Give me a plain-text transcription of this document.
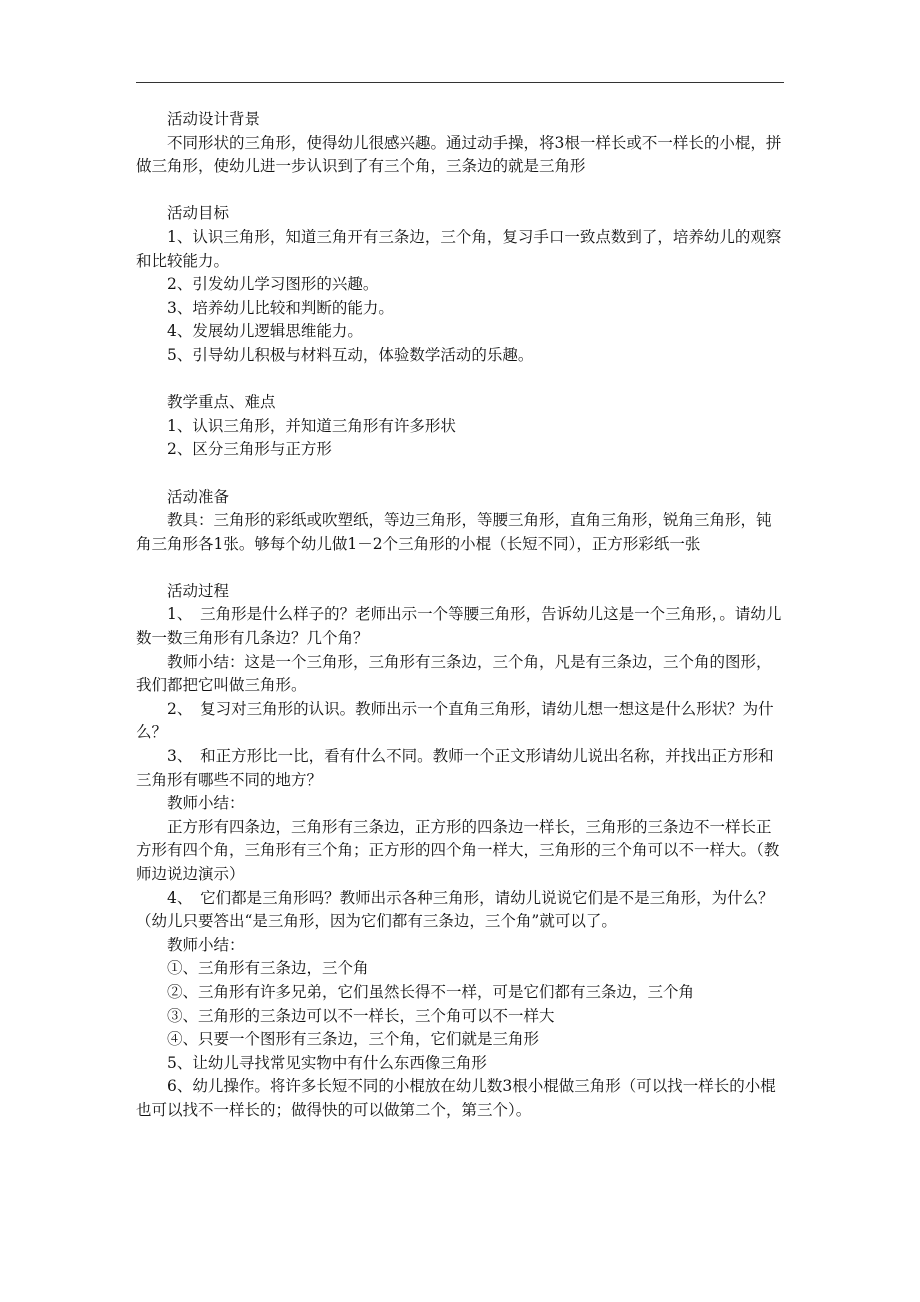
活动设计背景

不同形状的三角形，使得幼儿很感兴趣。通过动手操，将3根一样长或不一样长的小棍，拼做三角形，使幼儿进一步认识到了有三个角，三条边的就是三角形

活动目标

1、认识三角形，知道三角开有三条边，三个角，复习手口一致点数到了，培养幼儿的观察和比较能力。

2、引发幼儿学习图形的兴趣。

3、培养幼儿比较和判断的能力。

4、发展幼儿逻辑思维能力。

5、引导幼儿积极与材料互动，体验数学活动的乐趣。

教学重点、难点

1、认识三角形，并知道三角形有许多形状

2、区分三角形与正方形

活动准备

教具：三角形的彩纸或吹塑纸，等边三角形，等腰三角形，直角三角形，锐角三角形，钝角三角形各1张。够每个幼儿做1－2个三角形的小棍（长短不同），正方形彩纸一张

活动过程

1、　三角形是什么样子的？老师出示一个等腰三角形，告诉幼儿这是一个三角形，。请幼儿数一数三角形有几条边？几个角？

教师小结：这是一个三角形，三角形有三条边，三个角，凡是有三条边，三个角的图形，我们都把它叫做三角形。

2、　复习对三角形的认识。教师出示一个直角三角形，请幼儿想一想这是什么形状？为什么？

3、　和正方形比一比，看有什么不同。教师一个正文形请幼儿说出名称，并找出正方形和三角形有哪些不同的地方？

教师小结：

正方形有四条边，三角形有三条边，正方形的四条边一样长，三角形的三条边不一样长正方形有四个角，三角形有三个角；正方形的四个角一样大，三角形的三个角可以不一样大。（教师边说边演示）

4、　它们都是三角形吗？教师出示各种三角形，请幼儿说说它们是不是三角形，为什么？（幼儿只要答出“是三角形，因为它们都有三条边，三个角”就可以了。

教师小结：

①、三角形有三条边，三个角

②、三角形有许多兄弟，它们虽然长得不一样，可是它们都有三条边，三个角

③、三角形的三条边可以不一样长，三个角可以不一样大

④、只要一个图形有三条边，三个角，它们就是三角形

5、让幼儿寻找常见实物中有什么东西像三角形

6、幼儿操作。将许多长短不同的小棍放在幼儿数3根小棍做三角形（可以找一样长的小棍也可以找不一样长的；做得快的可以做第二个，第三个）。
